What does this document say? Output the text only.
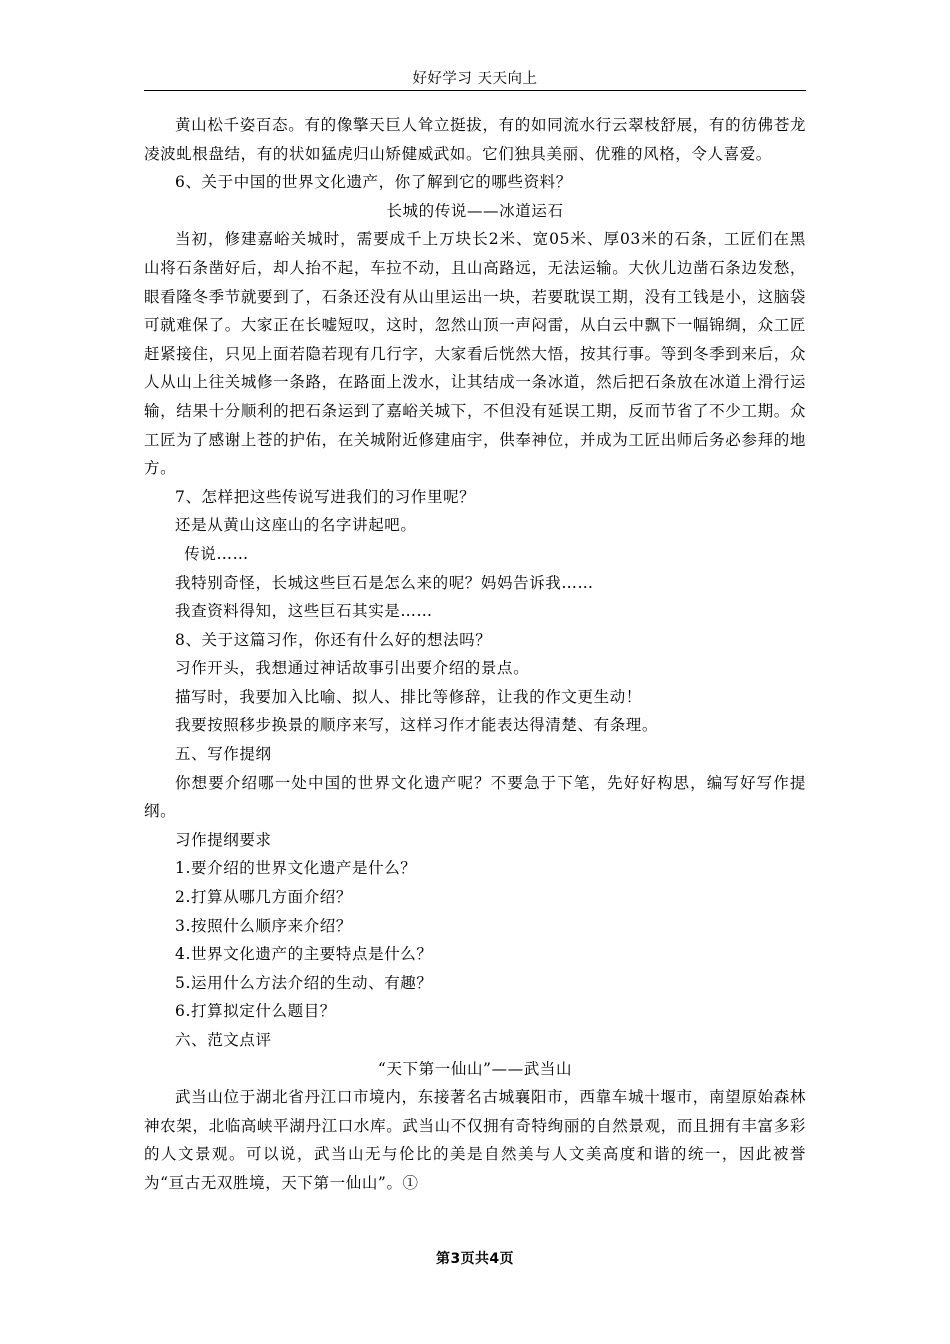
好好学习 天天向上

黄山松千姿百态。有的像擎天巨人耸立挺拔，有的如同流水行云翠枝舒展，有的彷佛苍龙凌波虬根盘结，有的状如猛虎归山矫健威武如。它们独具美丽、优雅的风格，令人喜爱。

6、关于中国的世界文化遗产，你了解到它的哪些资料？

长城的传说——冰道运石

当初，修建嘉峪关城时，需要成千上万块长2米、宽05米、厚03米的石条，工匠们在黑山将石条凿好后，却人抬不起，车拉不动，且山高路远，无法运输。大伙儿边凿石条边发愁，眼看隆冬季节就要到了，石条还没有从山里运出一块，若要耽误工期，没有工钱是小，这脑袋可就难保了。大家正在长嘘短叹，这时，忽然山顶一声闷雷，从白云中飘下一幅锦绸，众工匠赶紧接住，只见上面若隐若现有几行字，大家看后恍然大悟，按其行事。等到冬季到来后，众人从山上往关城修一条路，在路面上泼水，让其结成一条冰道，然后把石条放在冰道上滑行运输，结果十分顺利的把石条运到了嘉峪关城下，不但没有延误工期，反而节省了不少工期。众工匠为了感谢上苍的护佑，在关城附近修建庙宇，供奉神位，并成为工匠出师后务必参拜的地方。

7、怎样把这些传说写进我们的习作里呢？

还是从黄山这座山的名字讲起吧。

传说……

我特别奇怪，长城这些巨石是怎么来的呢？妈妈告诉我……

我查资料得知，这些巨石其实是……

8、关于这篇习作，你还有什么好的想法吗？

习作开头，我想通过神话故事引出要介绍的景点。

描写时，我要加入比喻、拟人、排比等修辞，让我的作文更生动！

我要按照移步换景的顺序来写，这样习作才能表达得清楚、有条理。

五、写作提纲

你想要介绍哪一处中国的世界文化遗产呢？不要急于下笔，先好好构思，编写好写作提纲。

习作提纲要求

1.要介绍的世界文化遗产是什么？

2.打算从哪几方面介绍？

3.按照什么顺序来介绍？

4.世界文化遗产的主要特点是什么？

5.运用什么方法介绍的生动、有趣？

6.打算拟定什么题目？

六、范文点评

“天下第一仙山”——武当山

武当山位于湖北省丹江口市境内，东接著名古城襄阳市，西靠车城十堰市，南望原始森林神农架，北临高峡平湖丹江口水库。武当山不仅拥有奇特绚丽的自然景观，而且拥有丰富多彩的人文景观。可以说，武当山无与伦比的美是自然美与人文美高度和谐的统一，因此被誉为“亘古无双胜境，天下第一仙山”。①

第3页共4页
